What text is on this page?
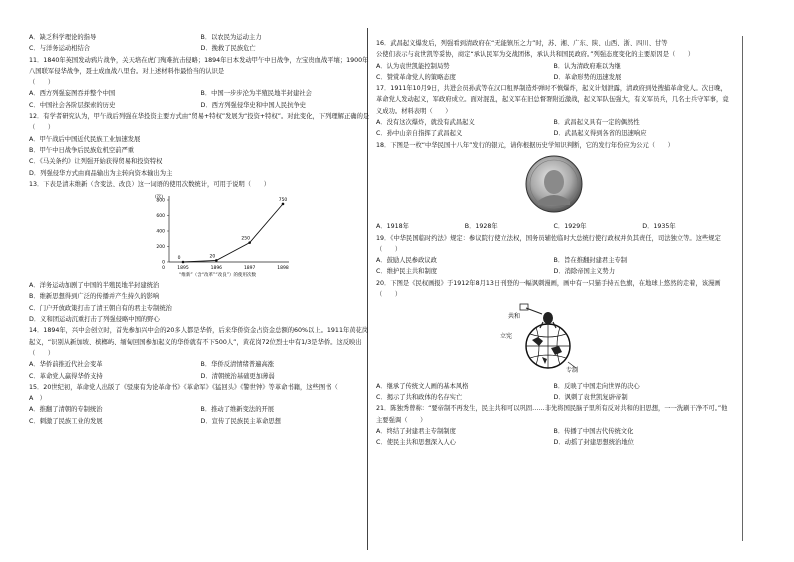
A．缺乏科学理论的指导	B．以农民为运动主力
C．与洋务运动相结合	D．挽救了民族危亡
11．1840年英国发动鸦片战争，关天培在虎门殉难抗击侵略；1894年日本发动甲午中日战争，左宝贵血战平壤；1900年八国联军侵华战争，聂士成血战八里台。对上述材料作最恰当的认识是
（　　）
A．西方列强妄图吞并整个中国	B．中国一步步沦为半殖民地半封建社会
C．中国社会各阶层探索的历史	D．西方列强侵华史和中国人民抗争史
12．有学者研究认为，甲午战后列强在华投资主要方式由“贸易+特权”发展为“投资+特权”。对此变化，下列理解正确的是（　　）
A．甲午战后中国近代民族工业加速发展
B．甲午中日战争后民族危机空前严重
C．《马关条约》让列强开始获得贸易和投资特权
D．列强侵华方式由商品输出为主转向资本输出为主
13．下表是清末维新（含变法、改良）这一词语的使用次数统计，可用于说明（　　）
(次)
0
200
400
600
800
0	1895	1896	1897	1898
0	20
250
750
“维新”（含“改革”“改良”）的使用次数
A．洋务运动加剧了中国的半殖民地半封建统治
B．维新思想得到广泛的传播并产生持久的影响
C．门户开放政策打击了清王朝自有的君主专制统治
D．义和团运动沉重打击了列强侵略中国的野心
14．1894年，兴中会创立时，首先参加兴中会的20多人都是华侨，后来华侨资金占资金总额的60%以上。1911年黄花岗起义，“识别从新加坡、槟榔屿、缅甸回国参加起义的华侨就有不下500人”，黄花岗72位烈士中有1/3是华侨。这反映出（　　）
A．华侨前推近代社会变革	B．华侨反清情绪普遍高涨
C．革命党人赢得华侨支持	D．清朝统治基础更加薄弱
15．20世纪初，革命党人出版了《驳康有为论革命书》《革命军》《猛回头》《警世钟》等革命书籍，这些图书（
A　）
A．推翻了清朝的专制统治	B．推动了维新变法的开展
C．刺激了民族工业的发展	D．宣传了民族民主革命思想
16．武昌起义爆发后，列强看到清政府在“无能镇压之力”时，苏、湘、广东、陕、山西、浙、四川、甘等
公使们表示与袁世凯等妥协，商定“承认民军为交战团体，承认共和国民政府。”列强态度变化的主要原因是（　　）
A．认为袁世凯能控制局势	B．认为清政府难以为继
C．赞赏革命党人的策略态度	D．革命形势的迅速发展
17．1911年10月9日，共进会员孙武等在汉口租界制造炸弹时不慎爆炸，起义计划泄露，清政府到处搜捕革命党人。次日晚，革命党人发动起义，军政府成立。面对混乱，起义军在旧总督署附近激战，起义军队伍强大，有义军员兵，几名士兵守军事，竟义成功。材料表明（　　）
A．没有这次爆炸，就没有武昌起义	B．武昌起义具有一定的偶然性
C．孙中山亲自指挥了武昌起义	D．武昌起义得到各省的迅速响应
18．下图是一枚“中华民国十八年”发行的银元，请你根据历史学知识判断，它的发行年份应为公元（　　）
A．1918年	B．1928年	C．1929年	D．1935年
19．《中华民国临时约法》规定：参议院行使立法权，国务员辅佐临时大总统行使行政权并负其责任，司法独立等。这些规定（　　）
A．鼓励人民参政议政	B．旨在推翻封建君主专制
C．维护民主共和制度	D．消除帝国主义势力
20．下图是《民权画报》于1912年8月13日刊登的一幅讽刺漫画，画中有一只猫手持五色旗，在地球上悠然的走着，该漫画（　　）
共和
立宪
专制
A．继承了传统文人画的基本风格	B．反映了中国走向世界的决心
C．揭示了共和政体的名存实亡	D．讽刺了袁世凯复辟帝制
21．陈独秀曾称：“要帝制不再发生，民主共和可以巩固……非先将国民脑子里所有反对共和的旧思想，一一洗刷干净不可。”他主要强调（　　）
A．终结了封建君主专制制度	B．传播了中国古代传统文化
C．使民主共和思想深入人心	D．动摇了封建思想统治地位
